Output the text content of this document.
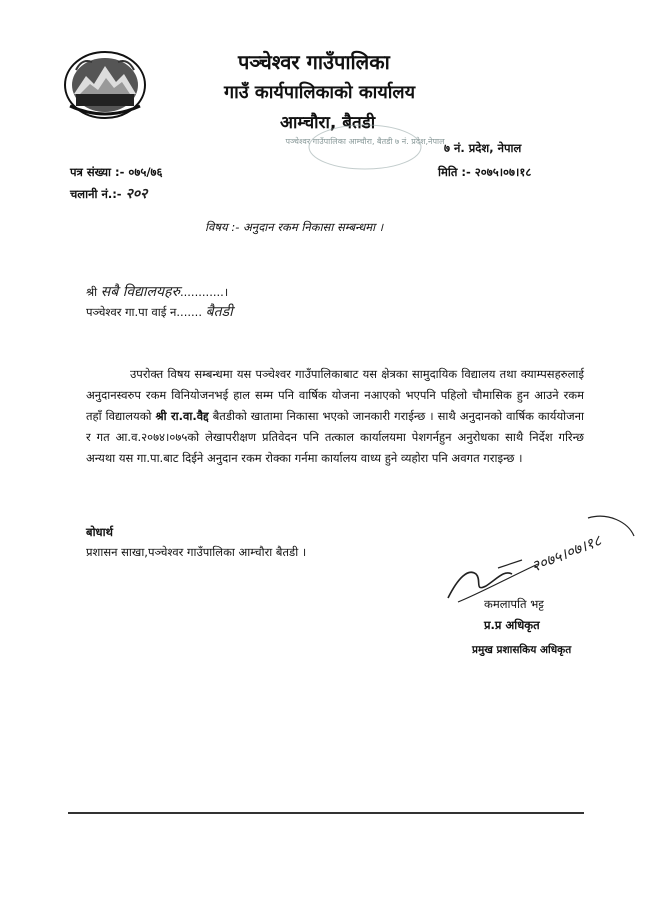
पञ्चेश्वर गाउँपालिका
गाउँ कार्यपालिकाको कार्यालय
आम्चौरा, बैतडी
७ नं. प्रदेश, नेपाल
पञ्चेश्वर गाउँपालिका आम्चौरा, बैतडी ७ नं. प्रदेश,नेपाल
पत्र संख्या :- ०७५/७६
चलानी नं.:- २०२
मिति :- २०७५।०७।१८
विषय :- अनुदान रकम निकासा सम्बन्धमा ।
श्री सबै विद्यालयहरु............।
पञ्चेश्वर गा.पा वाई न....... बैतडी
उपरोक्त विषय सम्बन्धमा यस पञ्चेश्वर गाउँपालिकाबाट यस क्षेत्रका सामुदायिक विद्यालय तथा क्याम्पसहरुलाई अनुदानस्वरुप रकम विनियोजनभई हाल सम्म पनि वार्षिक योजना नआएको भएपनि पहिलो चौमासिक हुन आउने रकम तहाँ विद्यालयको श्री रा.वा.वैद्द बैतडीको खातामा निकासा भएको जानकारी गराईन्छ । साथै अनुदानको वार्षिक कार्ययोजना र गत आ.व.२०७४।०७५को लेखापरीक्षण प्रतिवेदन पनि तत्काल कार्यालयमा पेशगर्नहुन अनुरोधका साथै निर्देश गरिन्छ अन्यथा यस गा.पा.बाट दिईने अनुदान रकम रोक्का गर्नमा कार्यालय वाध्य हुने व्यहोरा पनि अवगत गराइन्छ ।
बोधार्थ
प्रशासन साखा,पञ्चेश्वर गाउँपालिका आम्चौरा बैतडी ।	२०७५।०७।१८
कमलापति भट्ट
प्र.प्र अधिकृत
प्रमुख प्रशासकिय अधिकृत
